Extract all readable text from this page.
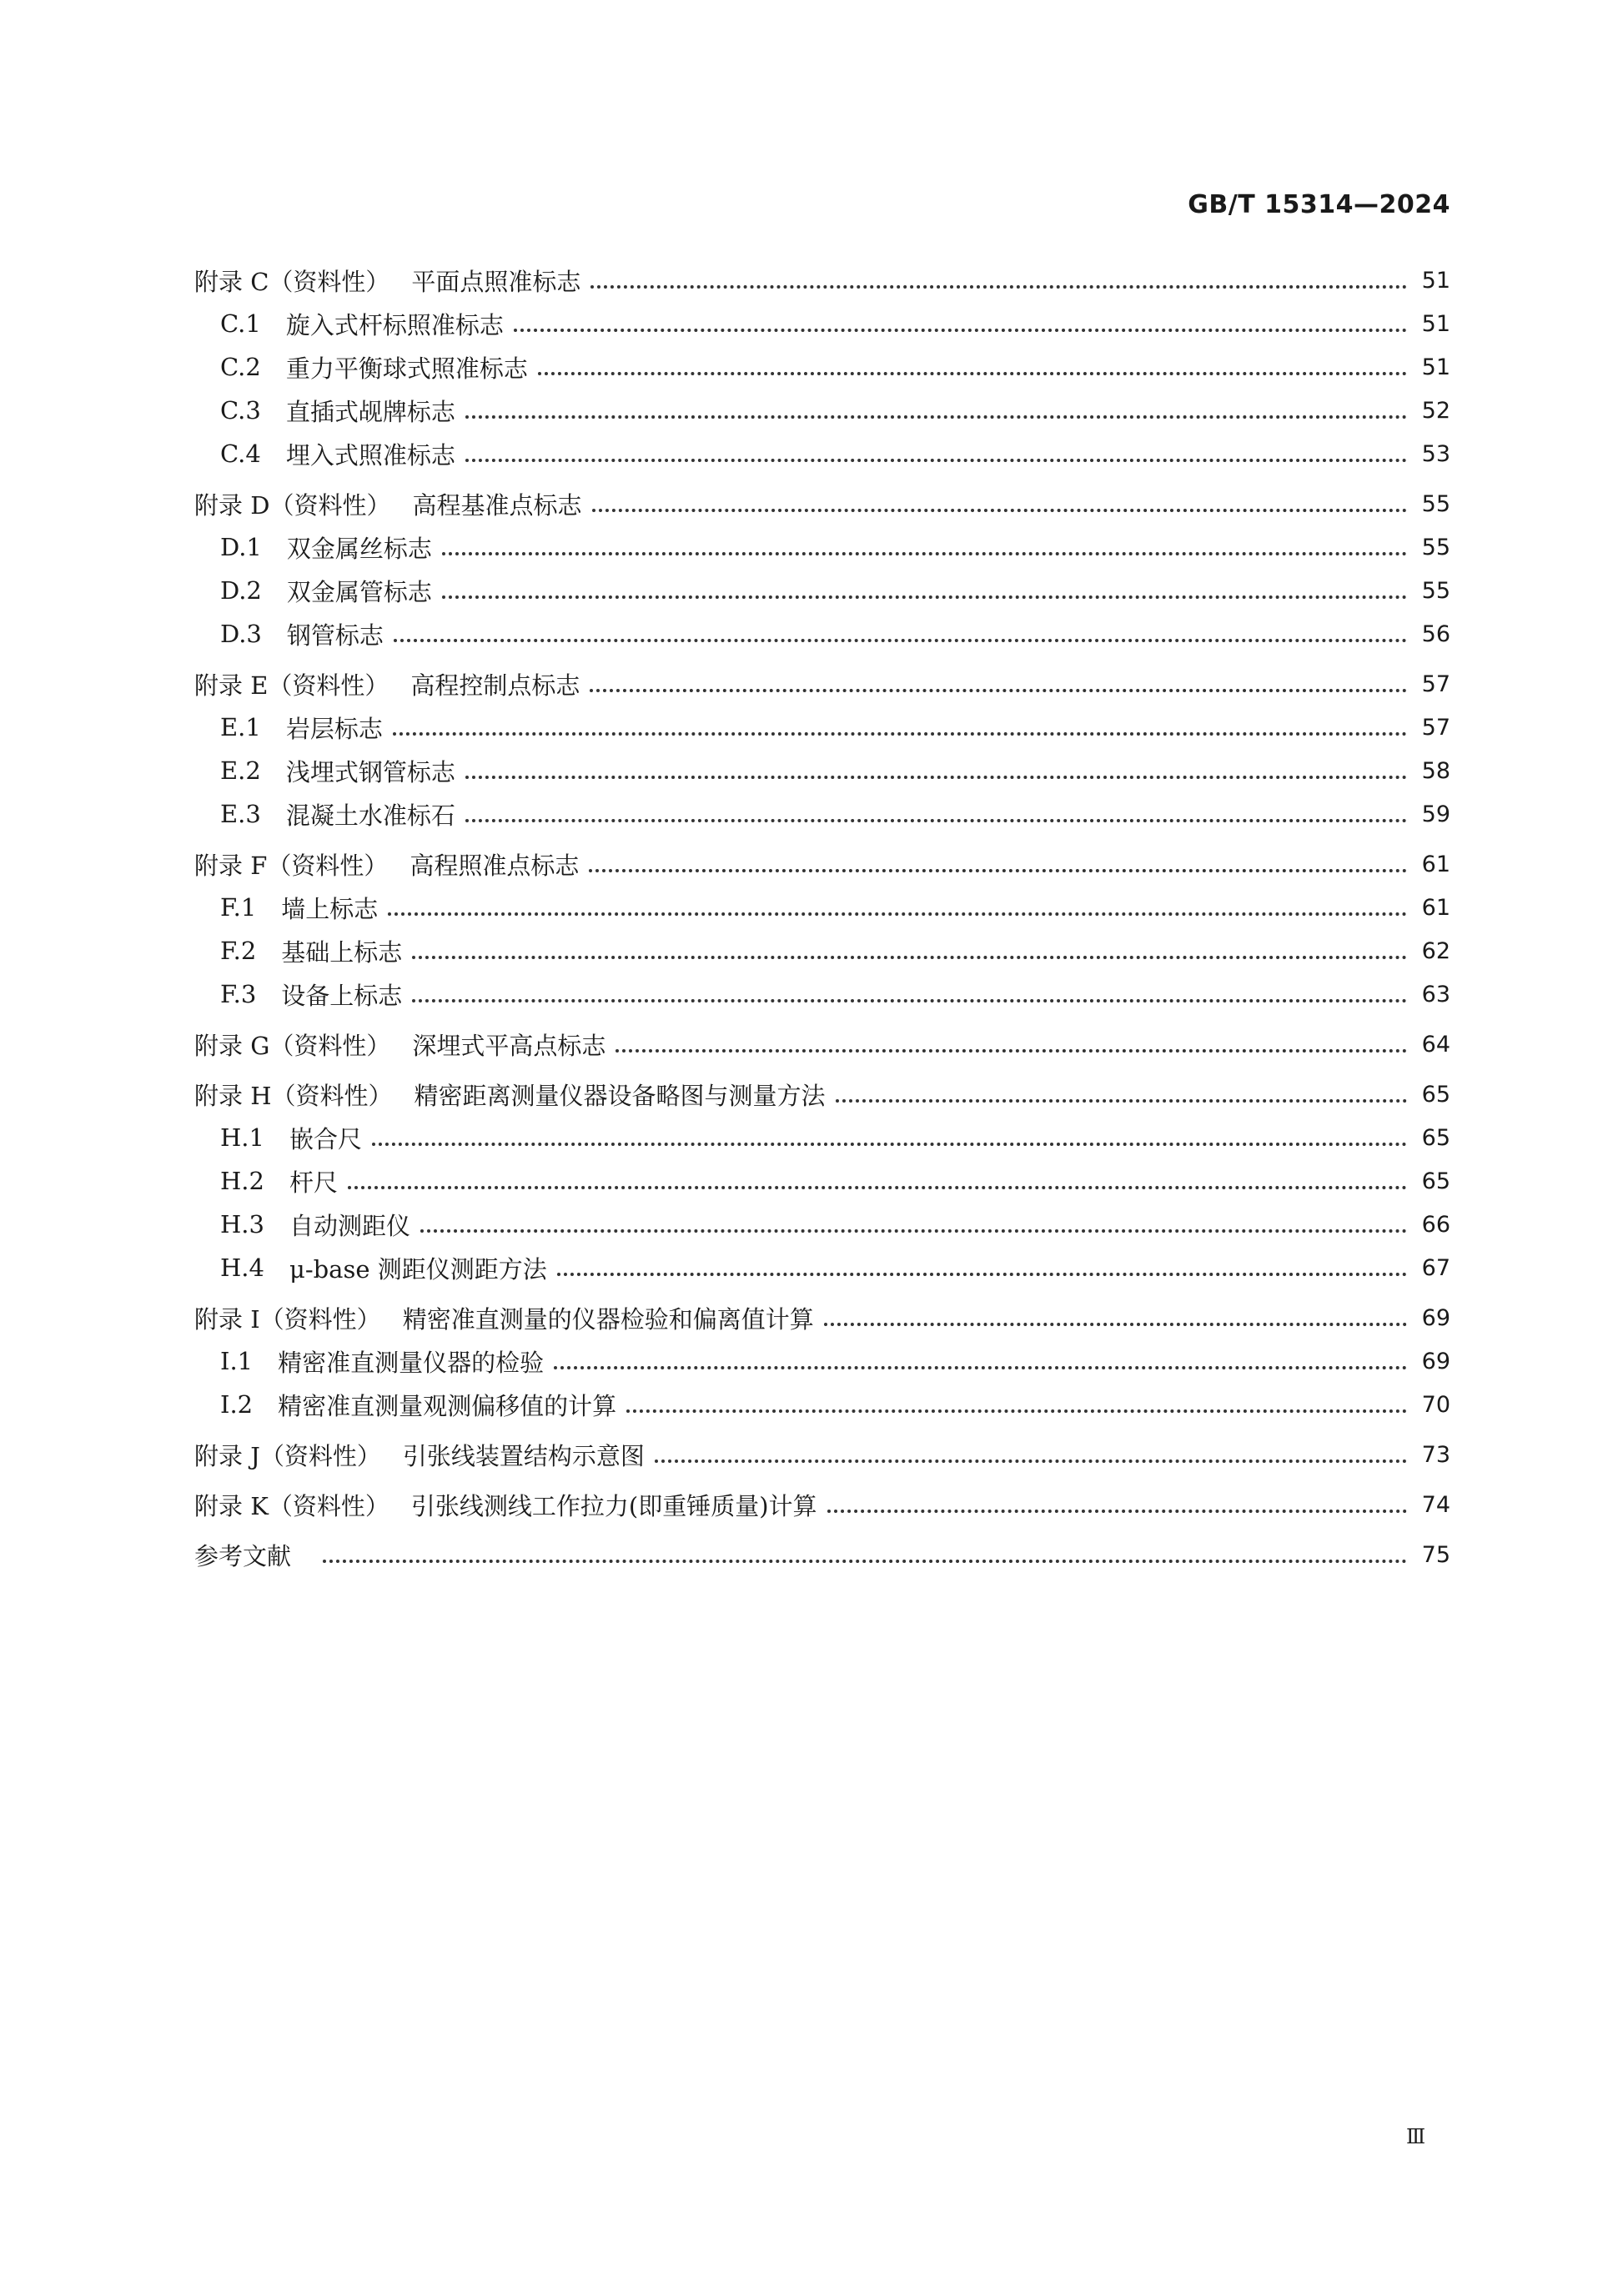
GB/T 15314—2024
附录 C（资料性） 平面点照准标志	51
C.1 旋入式杆标照准标志	51
C.2 重力平衡球式照准标志	51
C.3 直插式觇牌标志	52
C.4 埋入式照准标志	53
附录 D（资料性） 高程基准点标志	55
D.1 双金属丝标志	55
D.2 双金属管标志	55
D.3 钢管标志	56
附录 E（资料性） 高程控制点标志	57
E.1 岩层标志	57
E.2 浅埋式钢管标志	58
E.3 混凝土水准标石	59
附录 F（资料性） 高程照准点标志	61
F.1 墙上标志	61
F.2 基础上标志	62
F.3 设备上标志	63
附录 G（资料性） 深埋式平高点标志	64
附录 H（资料性） 精密距离测量仪器设备略图与测量方法	65
H.1 嵌合尺	65
H.2 杆尺	65
H.3 自动测距仪	66
H.4 μ-base 测距仪测距方法	67
附录 I（资料性） 精密准直测量的仪器检验和偏离值计算	69
I.1 精密准直测量仪器的检验	69
I.2 精密准直测量观测偏移值的计算	70
附录 J（资料性） 引张线装置结构示意图	73
附录 K（资料性） 引张线测线工作拉力(即重锤质量)计算	74
参考文献	75
Ⅲ
